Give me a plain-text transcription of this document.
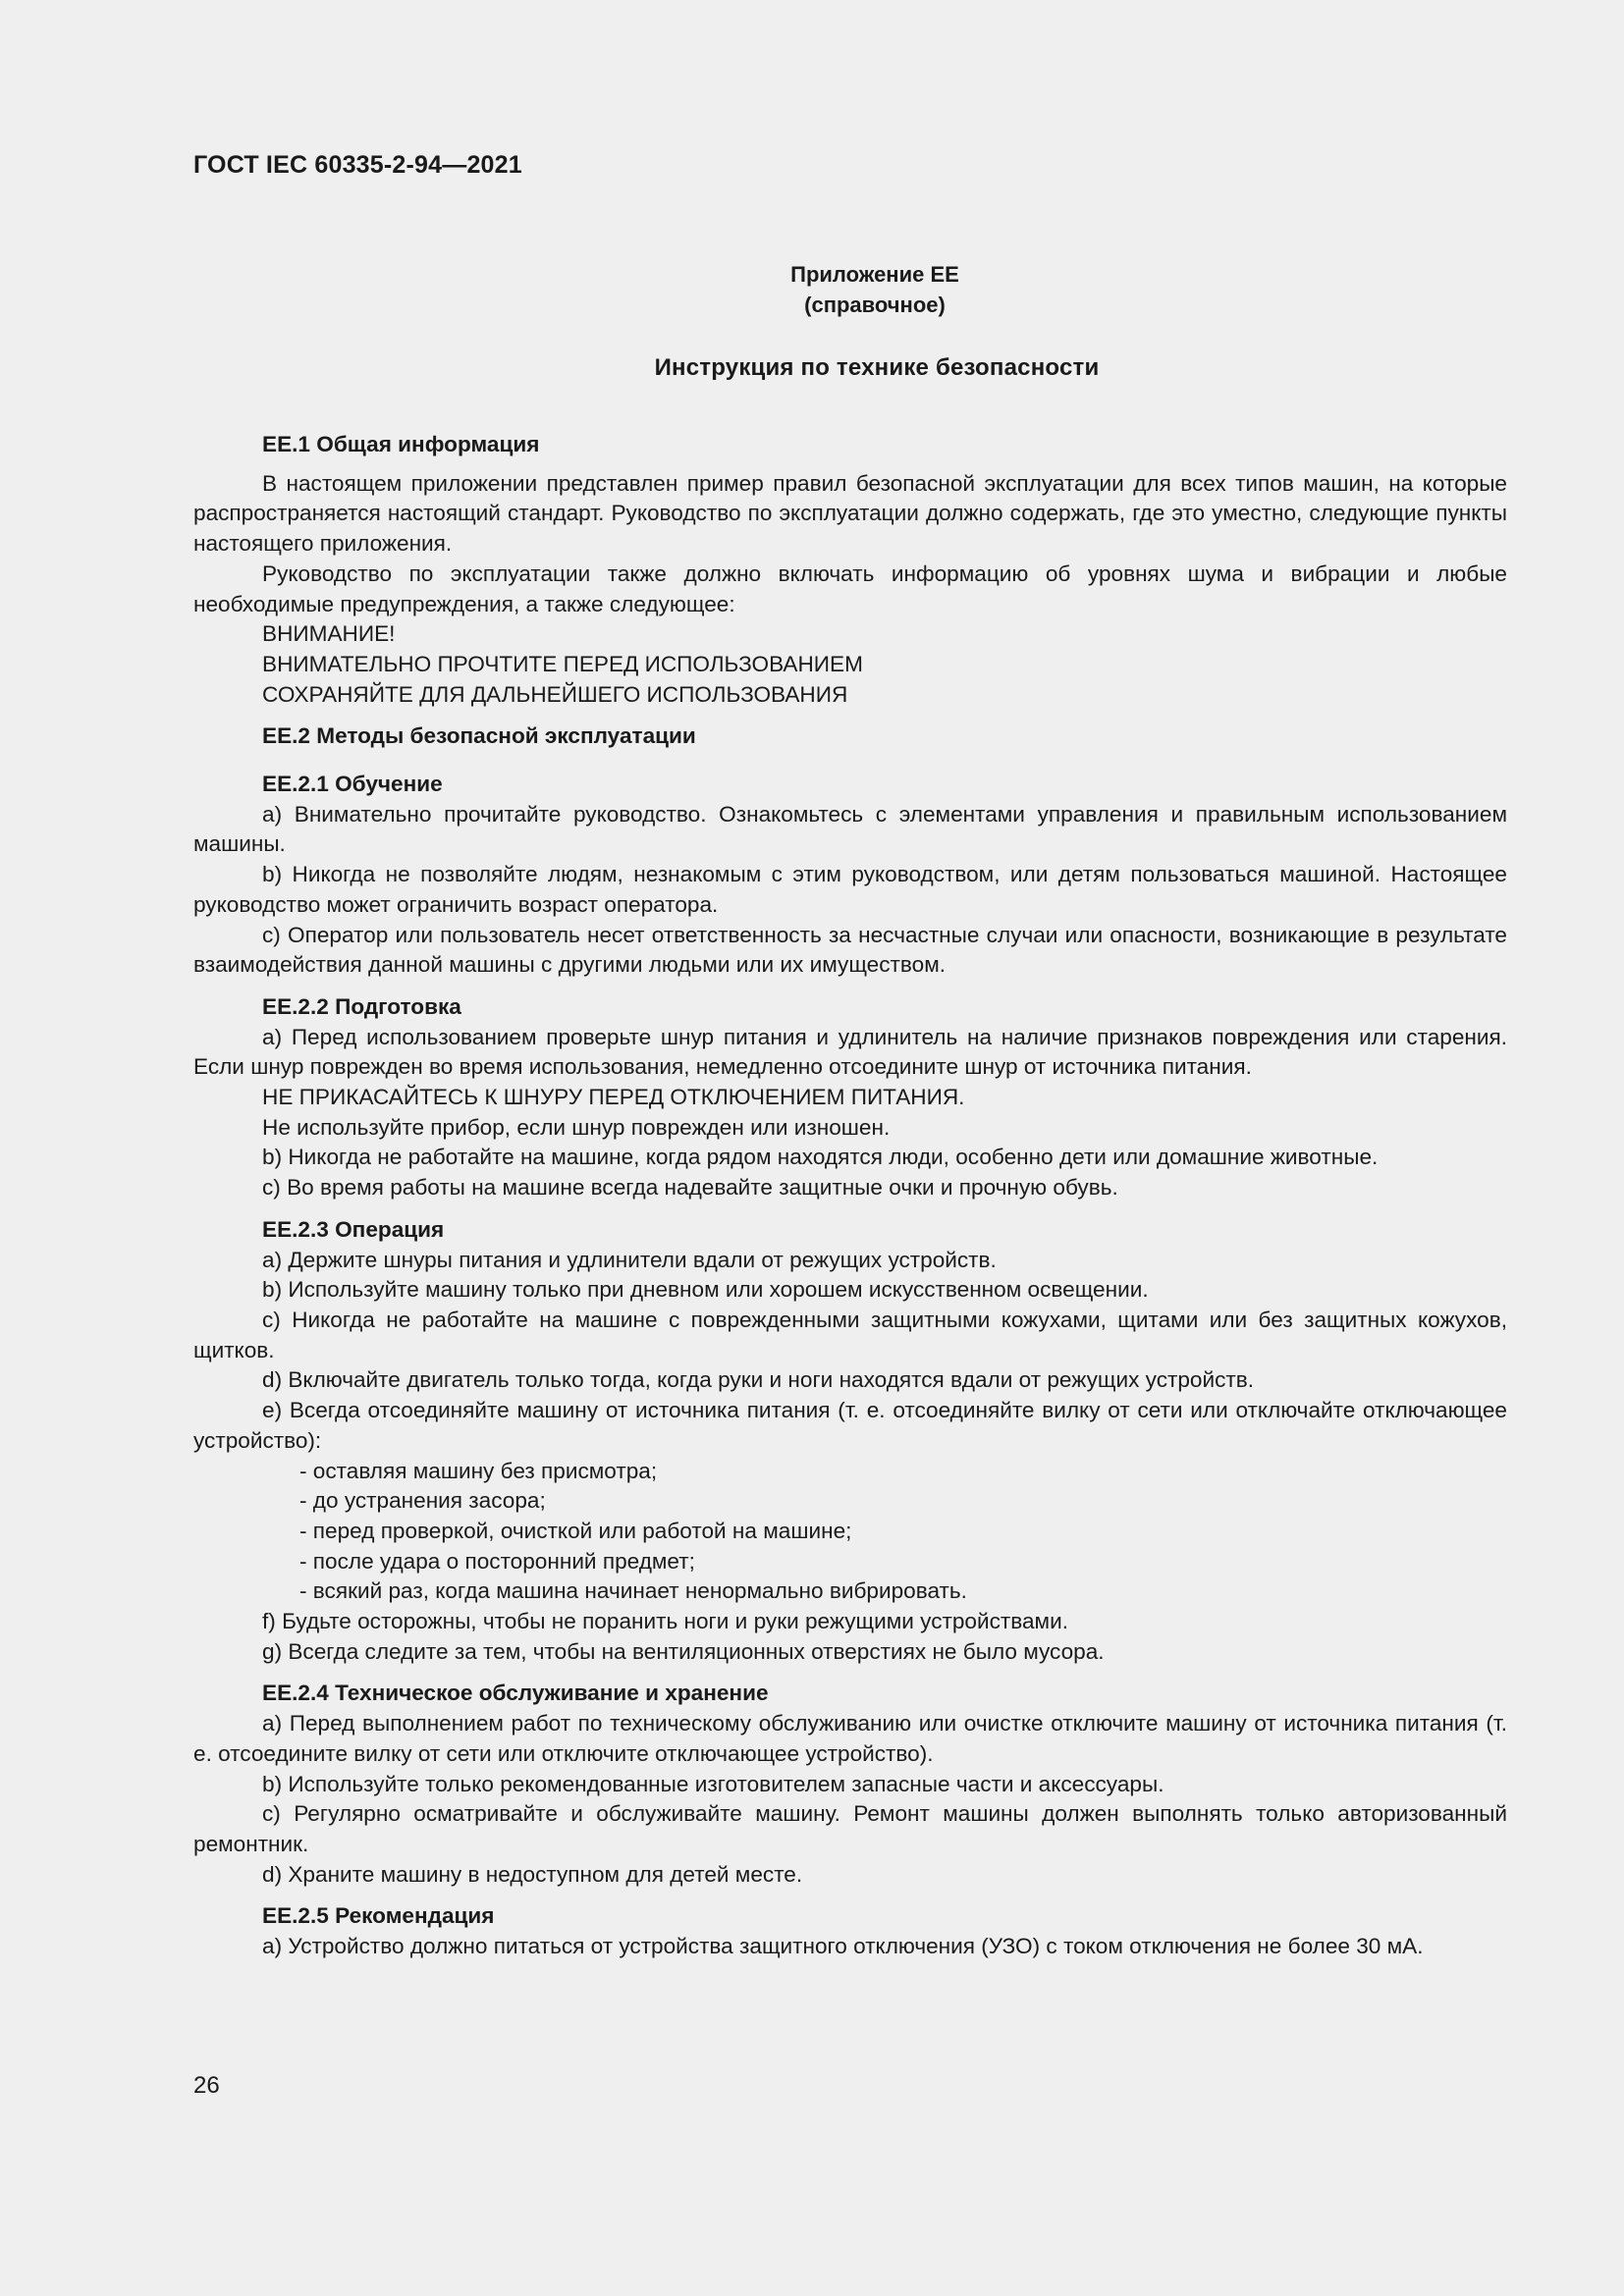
ГОСТ IEC 60335-2-94—2021
Приложение ЕЕ
(справочное)
Инструкция по технике безопасности
ЕЕ.1 Общая информация

В настоящем приложении представлен пример правил безопасной эксплуатации для всех типов машин, на которые распространяется настоящий стандарт. Руководство по эксплуатации должно содержать, где это уместно, следующие пункты настоящего приложения.

Руководство по эксплуатации также должно включать информацию об уровнях шума и вибрации и любые необходимые предупреждения, а также следующее:

ВНИМАНИЕ!
ВНИМАТЕЛЬНО ПРОЧТИТЕ ПЕРЕД ИСПОЛЬЗОВАНИЕМ
СОХРАНЯЙТЕ ДЛЯ ДАЛЬНЕЙШЕГО ИСПОЛЬЗОВАНИЯ
ЕЕ.2 Методы безопасной эксплуатации
ЕЕ.2.1 Обучение

a) Внимательно прочитайте руководство. Ознакомьтесь с элементами управления и правильным использованием машины.

b) Никогда не позволяйте людям, незнакомым с этим руководством, или детям пользоваться машиной. Настоящее руководство может ограничить возраст оператора.

c) Оператор или пользователь несет ответственность за несчастные случаи или опасности, возникающие в результате взаимодействия данной машины с другими людьми или их имуществом.

ЕЕ.2.2 Подготовка

a) Перед использованием проверьте шнур питания и удлинитель на наличие признаков повреждения или старения. Если шнур поврежден во время использования, немедленно отсоедините шнур от источника питания.

НЕ ПРИКАСАЙТЕСЬ К ШНУРУ ПЕРЕД ОТКЛЮЧЕНИЕМ ПИТАНИЯ.
Не используйте прибор, если шнур поврежден или изношен.

b) Никогда не работайте на машине, когда рядом находятся люди, особенно дети или домашние животные.

c) Во время работы на машине всегда надевайте защитные очки и прочную обувь.

ЕЕ.2.3 Операция

a) Держите шнуры питания и удлинители вдали от режущих устройств.

b) Используйте машину только при дневном или хорошем искусственном освещении.

c) Никогда не работайте на машине с поврежденными защитными кожухами, щитами или без защитных кожухов, щитков.

d) Включайте двигатель только тогда, когда руки и ноги находятся вдали от режущих устройств.

e) Всегда отсоединяйте машину от источника питания (т. е. отсоединяйте вилку от сети или отключайте отключающее устройство):

- оставляя машину без присмотра;
- до устранения засора;
- перед проверкой, очисткой или работой на машине;
- после удара о посторонний предмет;
- всякий раз, когда машина начинает ненормально вибрировать.

f) Будьте осторожны, чтобы не поранить ноги и руки режущими устройствами.

g) Всегда следите за тем, чтобы на вентиляционных отверстиях не было мусора.

ЕЕ.2.4 Техническое обслуживание и хранение

a) Перед выполнением работ по техническому обслуживанию или очистке отключите машину от источника питания (т. е. отсоедините вилку от сети или отключите отключающее устройство).

b) Используйте только рекомендованные изготовителем запасные части и аксессуары.

c) Регулярно осматривайте и обслуживайте машину. Ремонт машины должен выполнять только авторизованный ремонтник.

d) Храните машину в недоступном для детей месте.

ЕЕ.2.5 Рекомендация

a) Устройство должно питаться от устройства защитного отключения (УЗО) с током отключения не более 30 мА.

26
